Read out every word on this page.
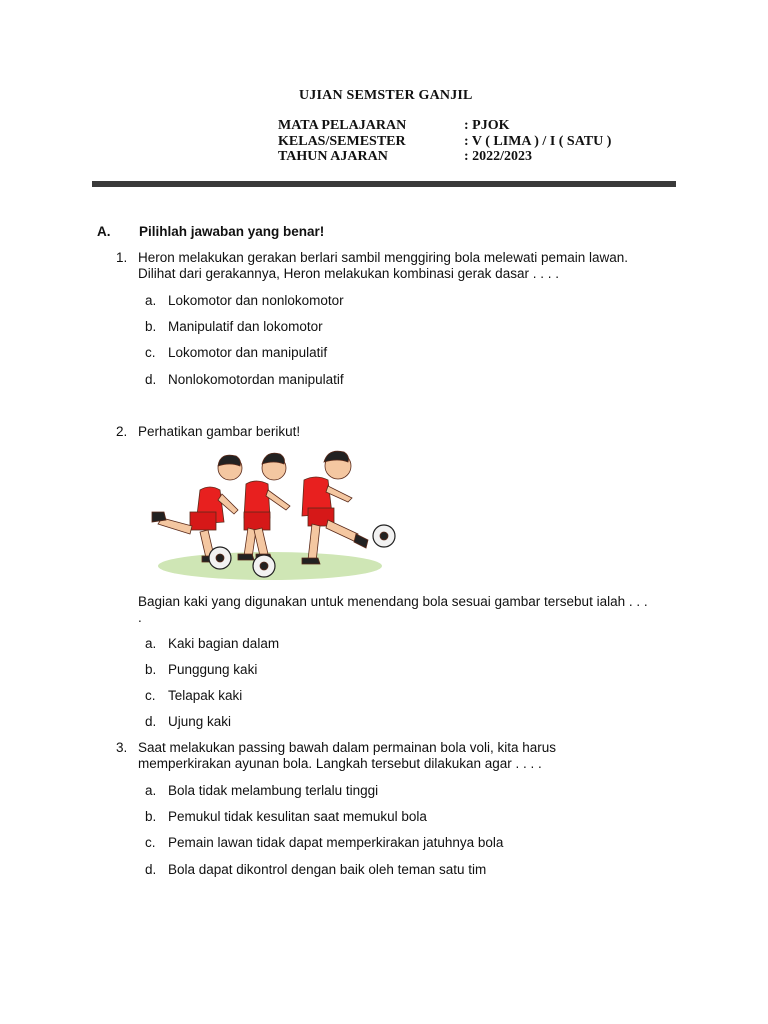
UJIAN SEMSTER GANJIL
MATA PELAJARAN	: PJOK
KELAS/SEMESTER	: V ( LIMA ) / I ( SATU )
TAHUN AJARAN	: 2022/2023
A. Pilihlah jawaban yang benar!
1. Heron melakukan gerakan berlari sambil menggiring bola melewati pemain lawan.
Dilihat dari gerakannya, Heron melakukan kombinasi gerak dasar . . . .
a. Lokomotor dan nonlokomotor
b. Manipulatif dan lokomotor
c. Lokomotor dan manipulatif
d. Nonlokomotordan manipulatif
2. Perhatikan gambar berikut!
Bagian kaki yang digunakan untuk menendang bola sesuai gambar tersebut ialah . . .
.
a. Kaki bagian dalam
b. Punggung kaki
c. Telapak kaki
d. Ujung kaki
3. Saat melakukan passing bawah dalam permainan bola voli, kita harus
memperkirakan ayunan bola. Langkah tersebut dilakukan agar . . . .
a. Bola tidak melambung terlalu tinggi
b. Pemukul tidak kesulitan saat memukul bola
c. Pemain lawan tidak dapat memperkirakan jatuhnya bola
d. Bola dapat dikontrol dengan baik oleh teman satu tim
